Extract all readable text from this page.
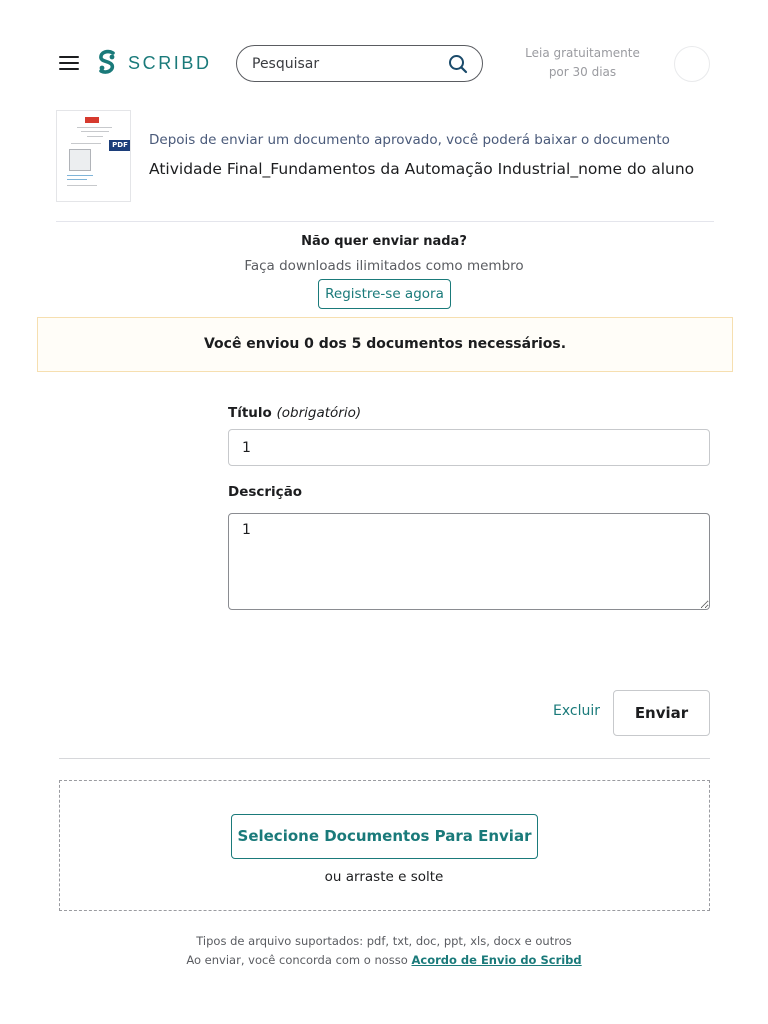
SCRIBD
Pesquisar	Leia gratuitamente
por 30 dias
PDF Depois de enviar um documento aprovado, você poderá baixar o documento
Atividade Final_Fundamentos da Automação Industrial_nome do aluno
Não quer enviar nada?
Faça downloads ilimitados como membro
Registre-se agora
Você enviou 0 dos 5 documentos necessários.
Título (obrigatório)
1
Descrição
1
Excluir	Enviar
Selecione Documentos Para Enviar
ou arraste e solte
Tipos de arquivo suportados: pdf, txt, doc, ppt, xls, docx e outros
Ao enviar, você concorda com o nosso Acordo de Envio do Scribd
